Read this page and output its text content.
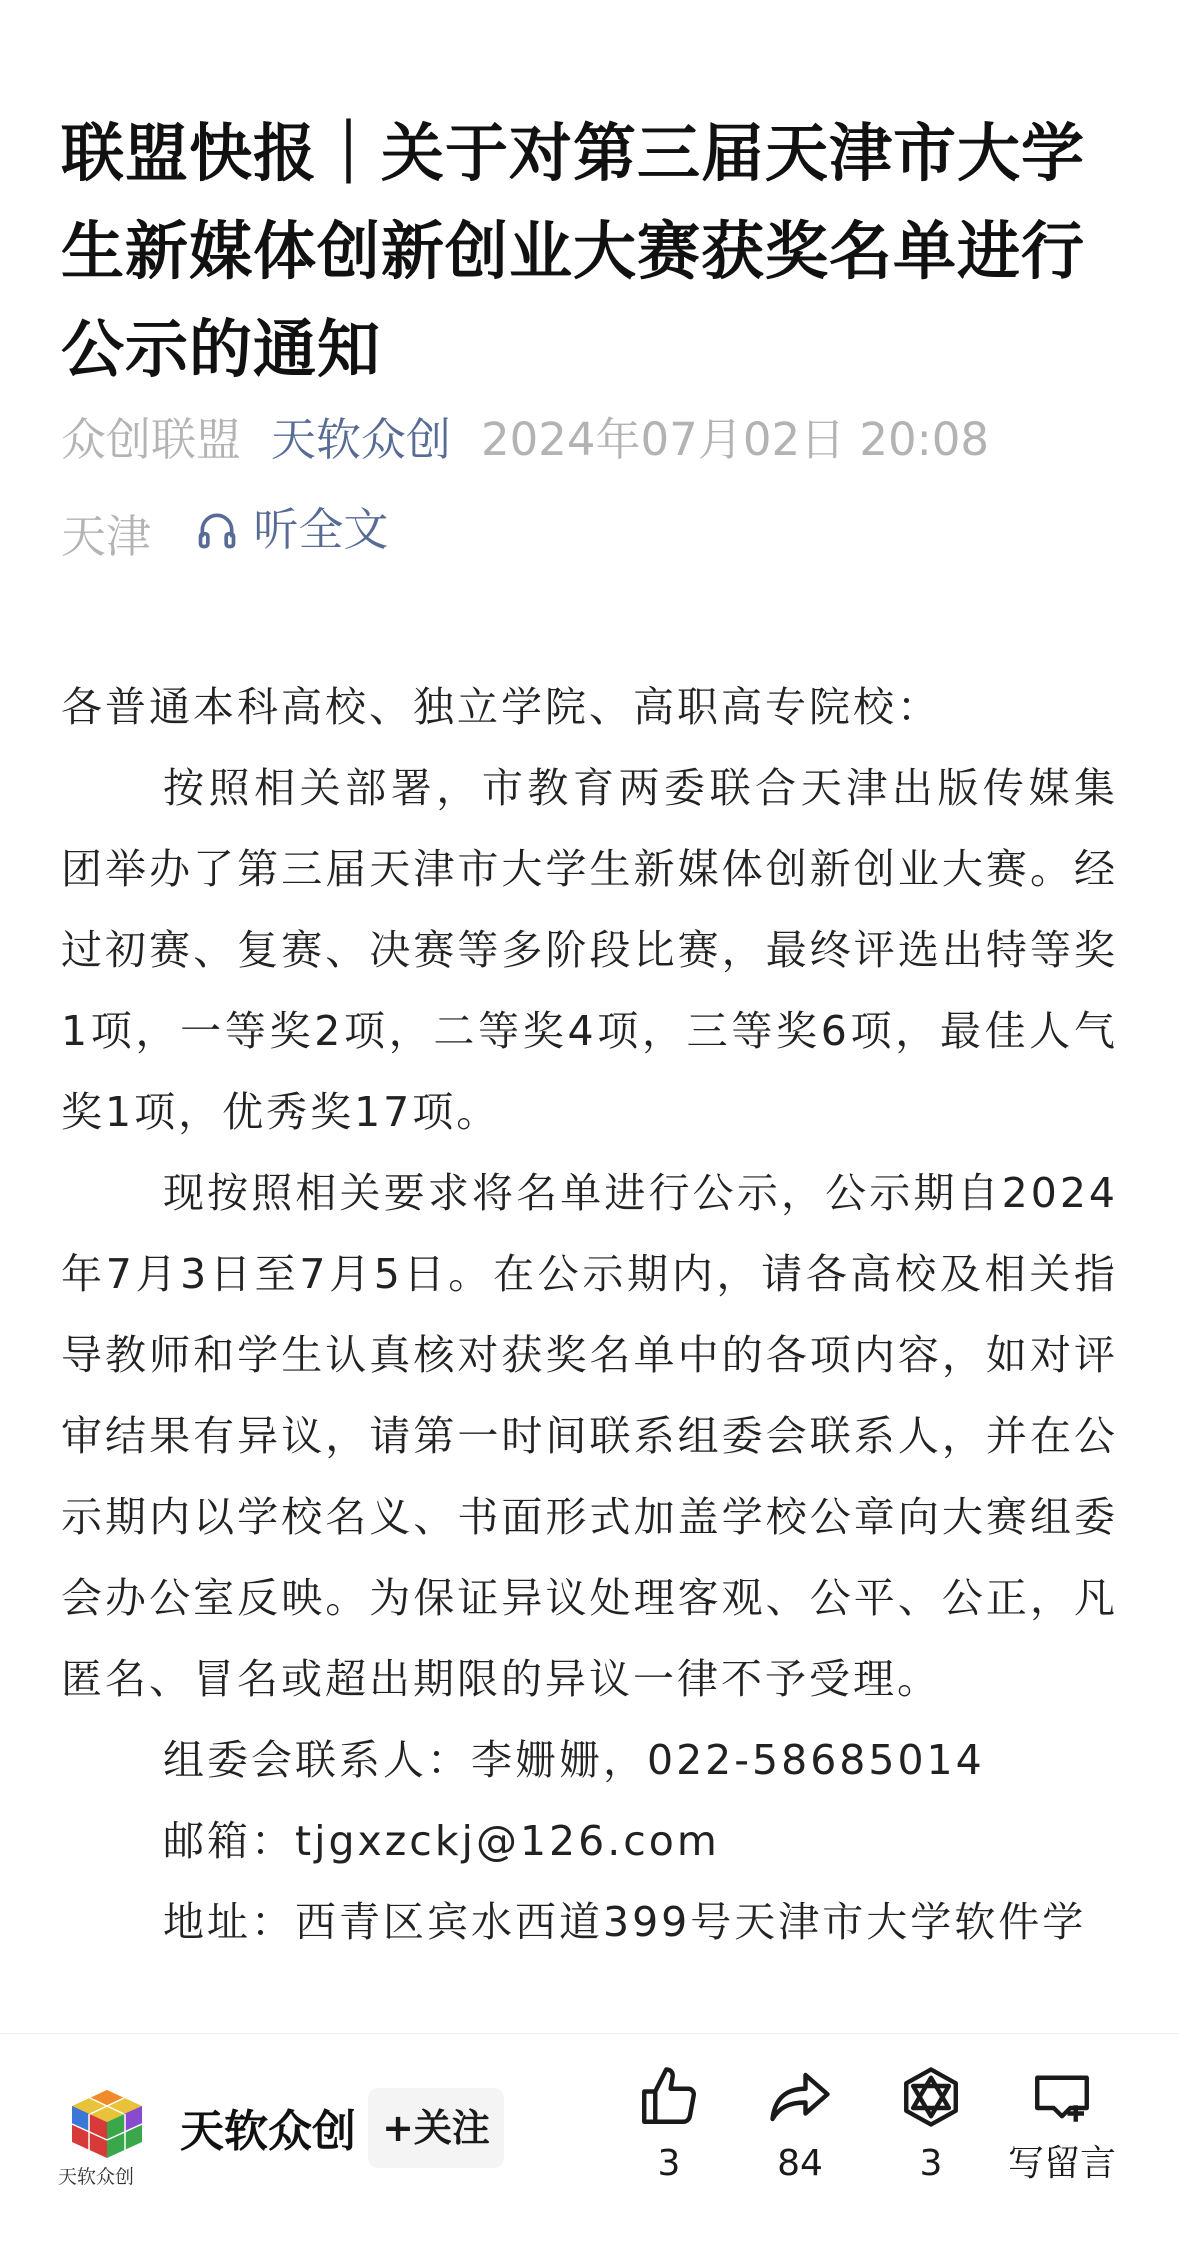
联盟快报｜关于对第三届天津市大学生新媒体创新创业大赛获奖名单进行公示的通知
众创联盟 天软众创 2024年07月02日 20:08
天津 听全文

各普通本科高校、独立学院、高职高专院校：

按照相关部署，市教育两委联合天津出版传媒集团举办了第三届天津市大学生新媒体创新创业大赛。经过初赛、复赛、决赛等多阶段比赛，最终评选出特等奖1项，一等奖2项，二等奖4项，三等奖6项，最佳人气奖1项，优秀奖17项。

现按照相关要求将名单进行公示，公示期自2024年7月3日至7月5日。在公示期内，请各高校及相关指导教师和学生认真核对获奖名单中的各项内容，如对评审结果有异议，请第一时间联系组委会联系人，并在公示期内以学校名义、书面形式加盖学校公章向大赛组委会办公室反映。为保证异议处理客观、公平、公正，凡匿名、冒名或超出期限的异议一律不予受理。

组委会联系人：李姗姗，022-58685014

邮箱：tjgxzckj@126.com

地址：西青区宾水西道399号天津市大学软件学

天软众创
天软众创 +关注
3	84	3	写留言
